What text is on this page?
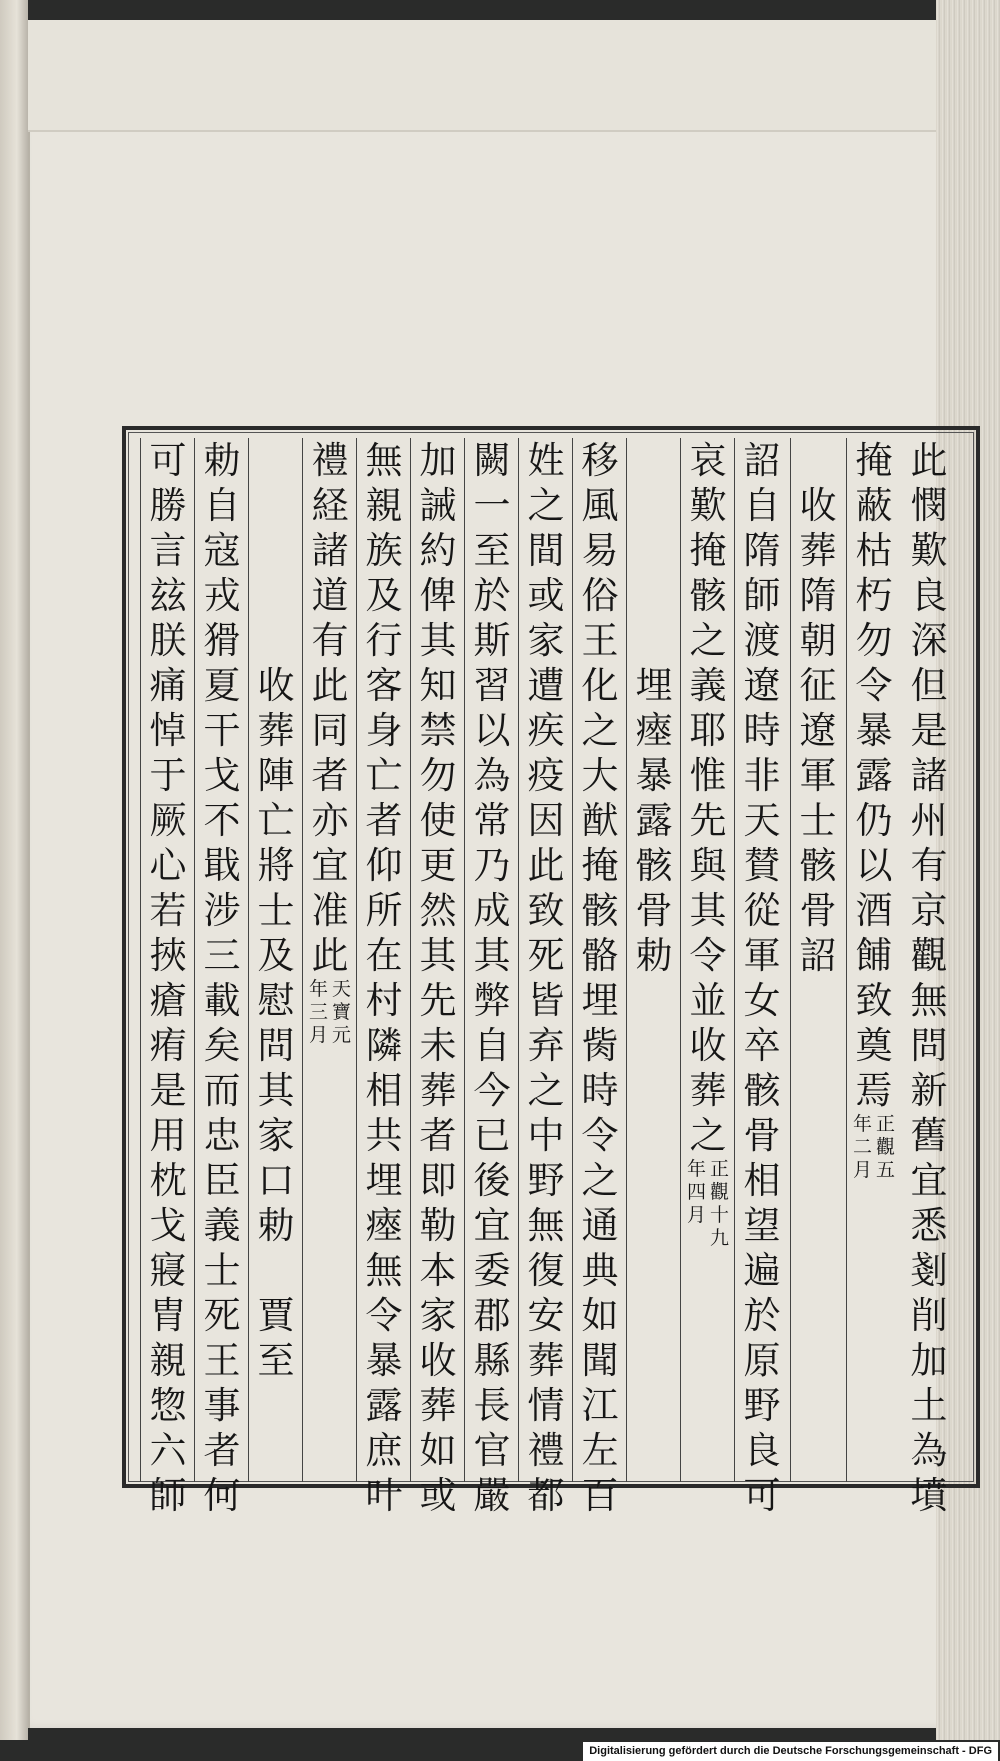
此
憫
歎
良
深
但
是
諸
州
有
京
觀
無
問
新
舊
宜
悉
剗
削
加
土
為
墳
掩
蔽
枯
朽
勿
令
暴
露
仍
以
酒
餔
致
奠
焉
正
觀
五
年
二
月

收
葬
隋
朝
征
遼
軍
士
骸
骨
詔
詔
自
隋
師
渡
遼
時
非
天
賛
從
軍
女
卒
骸
骨
相
望
遍
於
原
野
良
可
哀
歎
掩
骸
之
義
耶
惟
先
與
其
令
並
收
葬
之
正
觀
十
九
年
四
月

埋
瘞
暴
露
骸
骨
勅
移
風
易
俗
王
化
之
大
猷
掩
骸
骼
埋
胔
時
令
之
通
典
如
聞
江
左
百
姓
之
間
或
家
遭
疾
疫
因
此
致
死
皆
弃
之
中
野
無
復
安
葬
情
禮
都
闕
一
至
於
斯
習
以
為
常
乃
成
其
弊
自
今
已
後
宜
委
郡
縣
長
官
嚴
加
誡
約
俾
其
知
禁
勿
使
更
然
其
先
未
葬
者
即
勒
本
家
收
葬
如
或
無
親
族
及
行
客
身
亡
者
仰
所
在
村
隣
相
共
埋
瘞
無
令
暴
露
庶
叶
禮
経
諸
道
有
此
同
者
亦
宜
准
此
天
寶
元
年
三
月

收
葬
陣
亡
將
士
及
慰
問
其
家
口
勅

賈
至
勅
自
寇
戎
猾
夏
干
戈
不
戢
涉
三
載
矣
而
忠
臣
義
士
死
王
事
者
何
可
勝
言
玆
朕
痛
悼
于
厥
心
若
挾
瘡
痏
是
用
枕
戈
寢
胄
親
惣
六
師
Digitalisierung gefördert durch die Deutsche Forschungsgemeinschaft - DFG
